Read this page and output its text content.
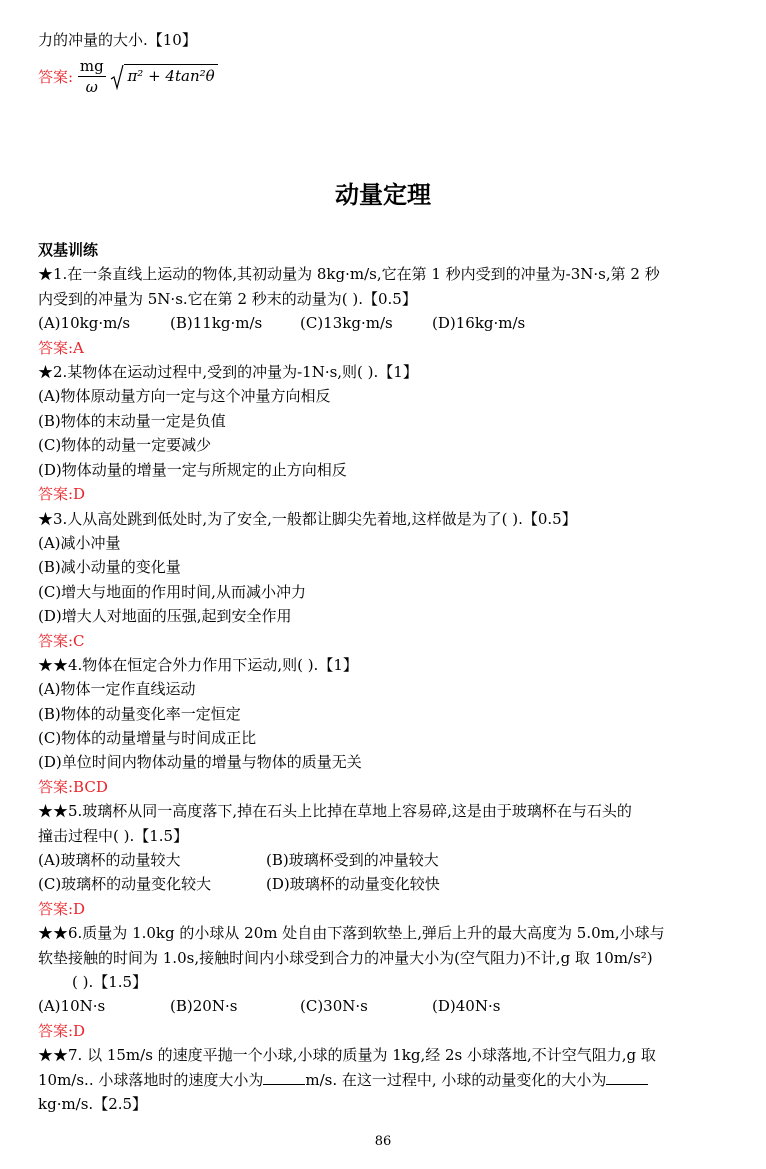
力的冲量的大小.【10】
答案: $\frac{mg}{\omega} \pi^2 + 4\tan^2\theta$
动量定理
双基训练
★1.在一条直线上运动的物体,其初动量为 8kg·m/s,它在第 1 秒内受到的冲量为-3N·s,第 2 秒
内受到的冲量为 5N·s.它在第 2 秒末的动量为( ).【0.5】
(A)10kg·m/s	(B)11kg·m/s	(C)13kg·m/s	(D)16kg·m/s
答案:A
★2.某物体在运动过程中,受到的冲量为-1N·s,则( ).【1】
(A)物体原动量方向一定与这个冲量方向相反
(B)物体的末动量一定是负值
(C)物体的动量一定要减少
(D)物体动量的增量一定与所规定的止方向相反
答案:D
★3.人从高处跳到低处时,为了安全,一般都让脚尖先着地,这样做是为了( ).【0.5】
(A)减小冲量
(B)减小动量的变化量
(C)增大与地面的作用时间,从而减小冲力
(D)增大人对地面的压强,起到安全作用
答案:C
★★4.物体在恒定合外力作用下运动,则( ).【1】
(A)物体一定作直线运动
(B)物体的动量变化率一定恒定
(C)物体的动量增量与时间成正比
(D)单位时间内物体动量的增量与物体的质量无关
答案:BCD
★★5.玻璃杯从同一高度落下,掉在石头上比掉在草地上容易碎,这是由于玻璃杯在与石头的
撞击过程中( ).【1.5】
(A)玻璃杯的动量较大	(B)玻璃杯受到的冲量较大
(C)玻璃杯的动量变化较大	(D)玻璃杯的动量变化较快
答案:D
★★6.质量为 1.0kg 的小球从 20m 处自由下落到软垫上,弹后上升的最大高度为 5.0m,小球与
软垫接触的时间为 1.0s,接触时间内小球受到合力的冲量大小为(空气阻力)不计,g 取 10m/s²)
( ).【1.5】
(A)10N·s	(B)20N·s	(C)30N·s	(D)40N·s
答案:D
★★7. 以 15m/s 的速度平抛一个小球,小球的质量为 1kg,经 2s 小球落地,不计空气阻力,g 取
10m/s.. 小球落地时的速度大小为	m/s. 在这一过程中, 小球的动量变化的大小为
kg·m/s.【2.5】
86
